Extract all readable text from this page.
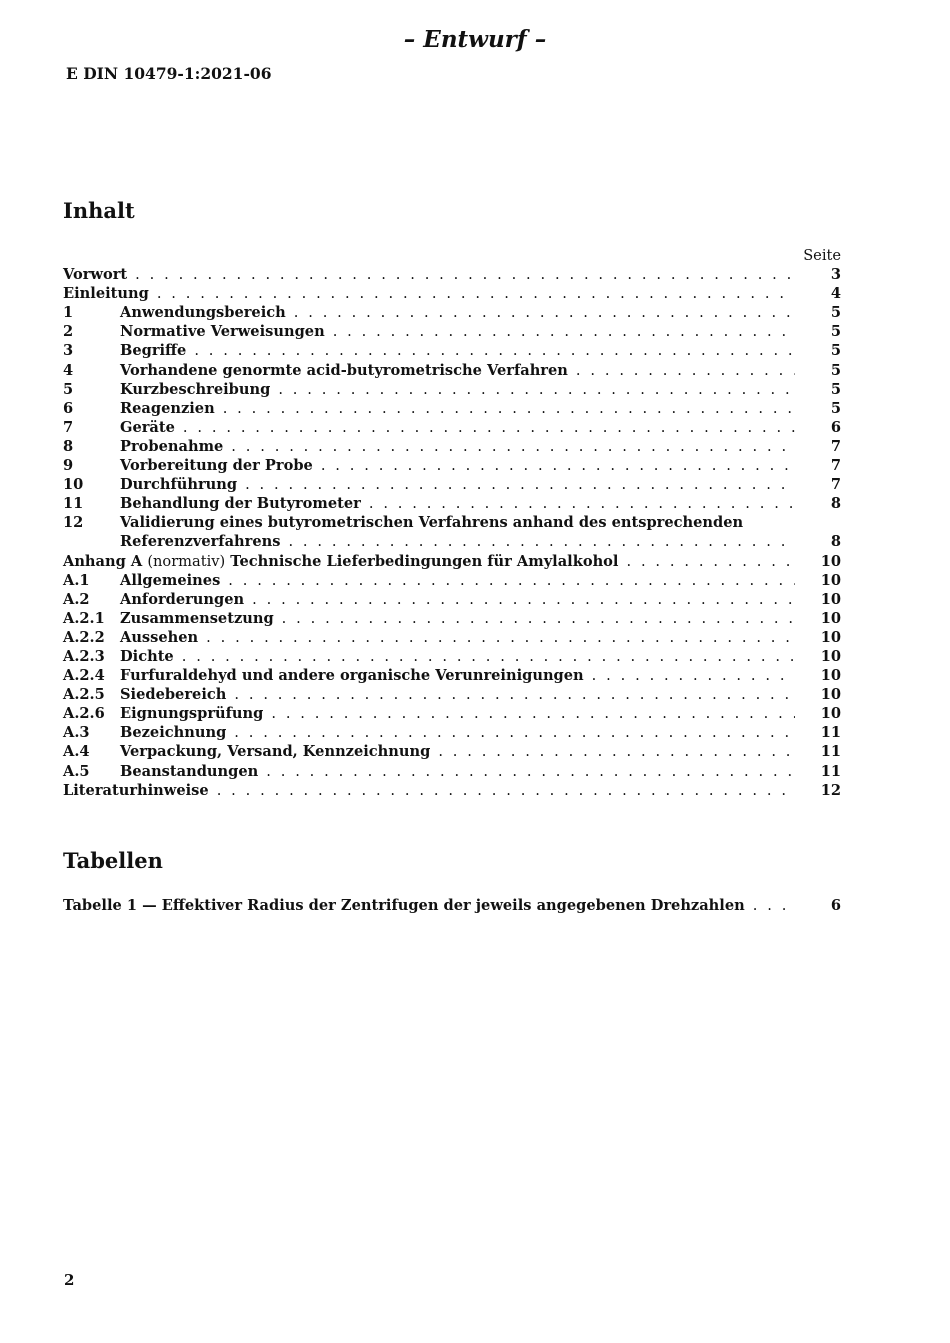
– Entwurf –
E DIN 10479-1:2021-06
Inhalt
Seite
Vorwort . . .	3
Einleitung . . .	4
1	Anwendungsbereich . . .	5
2	Normative Verweisungen . . .	5
3	Begriffe . . .	5
4	Vorhandene genormte acid-butyrometrische Verfahren . . .	5
5	Kurzbeschreibung . . .	5
6	Reagenzien . . .	5
7	Geräte . . .	6
8	Probenahme . . .	7
9	Vorbereitung der Probe . . .	7
10	Durchführung . . .	7
11	Behandlung der Butyrometer . . .	8
12	Validierung eines butyrometrischen Verfahrens anhand des entsprechenden
Referenzverfahrens . . .	8
Anhang A (normativ) Technische Lieferbedingungen für Amylalkohol . . .	10
A.1	Allgemeines . . .	10
A.2	Anforderungen . . .	10
A.2.1	Zusammensetzung . . .	10
A.2.2	Aussehen . . .	10
A.2.3	Dichte . . .	10
A.2.4	Furfuraldehyd und andere organische Verunreinigungen . . .	10
A.2.5	Siedebereich . . .	10
A.2.6	Eignungsprüfung . . .	10
A.3	Bezeichnung . . .	11
A.4	Verpackung, Versand, Kennzeichnung . . .	11
A.5	Beanstandungen . . .	11
Literaturhinweise . . .	12
Tabellen
Tabelle 1 — Effektiver Radius der Zentrifugen der jeweils angegebenen Drehzahlen . . .	6
2
